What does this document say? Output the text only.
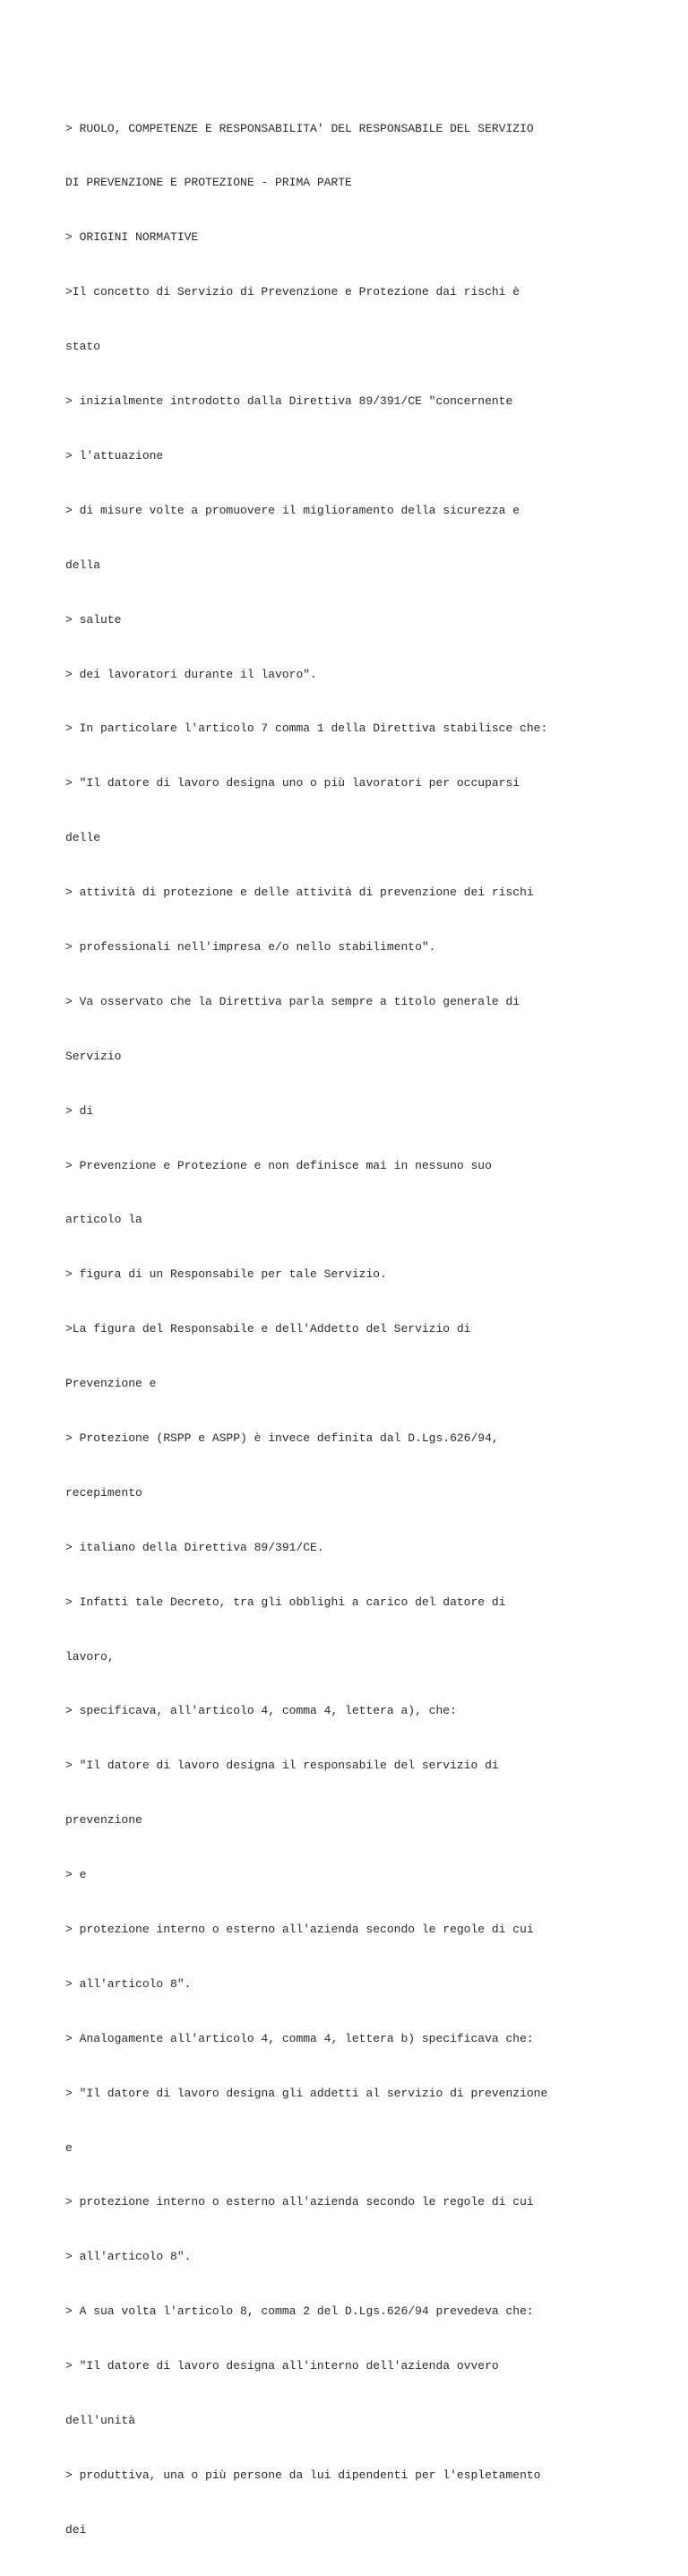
> RUOLO, COMPETENZE E RESPONSABILITA' DEL RESPONSABILE DEL SERVIZIO

DI PREVENZIONE E PROTEZIONE - PRIMA PARTE

> ORIGINI NORMATIVE

>Il concetto di Servizio di Prevenzione e Protezione dai rischi è

stato

> inizialmente introdotto dalla Direttiva 89/391/CE "concernente

> l'attuazione

> di misure volte a promuovere il miglioramento della sicurezza e

della

> salute

> dei lavoratori durante il lavoro".

> In particolare l'articolo 7 comma 1 della Direttiva stabilisce che:

> "Il datore di lavoro designa uno o più lavoratori per occuparsi

delle

> attività di protezione e delle attività di prevenzione dei rischi

> professionali nell'impresa e/o nello stabilimento".

> Va osservato che la Direttiva parla sempre a titolo generale di

Servizio

> di

> Prevenzione e Protezione e non definisce mai in nessuno suo

articolo la

> figura di un Responsabile per tale Servizio.

>La figura del Responsabile e dell'Addetto del Servizio di

Prevenzione e

> Protezione (RSPP e ASPP) è invece definita dal D.Lgs.626/94,

recepimento

> italiano della Direttiva 89/391/CE.

> Infatti tale Decreto, tra gli obblighi a carico del datore di

lavoro,

> specificava, all'articolo 4, comma 4, lettera a), che:

> "Il datore di lavoro designa il responsabile del servizio di

prevenzione

> e

> protezione interno o esterno all'azienda secondo le regole di cui

> all'articolo 8".

> Analogamente all'articolo 4, comma 4, lettera b) specificava che:

> "Il datore di lavoro designa gli addetti al servizio di prevenzione

e

> protezione interno o esterno all'azienda secondo le regole di cui

> all'articolo 8".

> A sua volta l'articolo 8, comma 2 del D.Lgs.626/94 prevedeva che:

> "Il datore di lavoro designa all'interno dell'azienda ovvero

dell'unità

> produttiva, una o più persone da lui dipendenti per l'espletamento

dei
